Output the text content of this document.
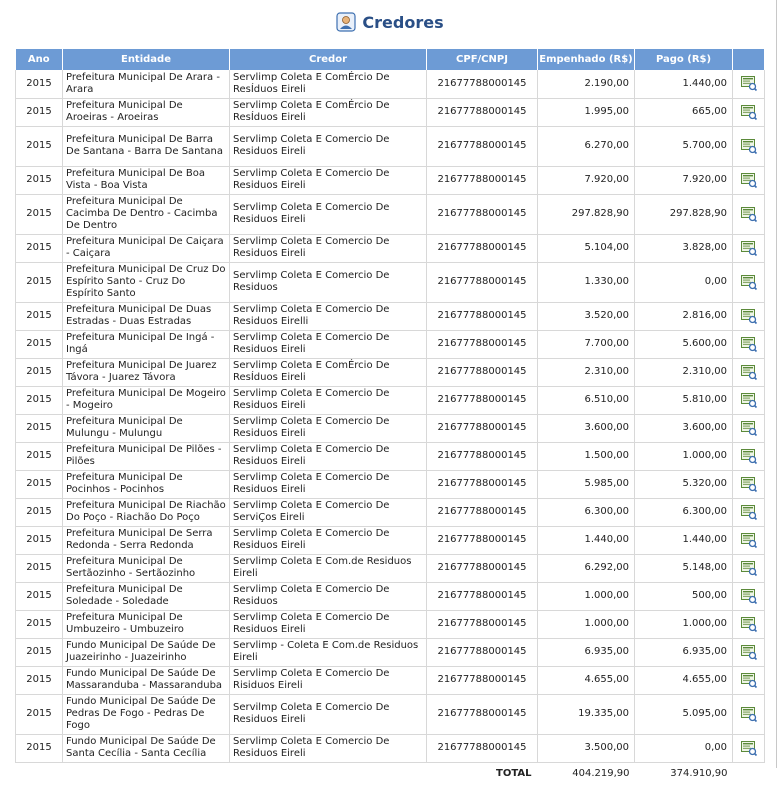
Credores
Ano	Entidade	Credor	CPF/CNPJ	Empenhado (R$)	Pago (R$)	
2015	Prefeitura Municipal De Arara - Arara	Servlimp Coleta E ComÉrcio De ResÍduos Eireli	21677788000145	2.190,00	1.440,00	
2015	Prefeitura Municipal De Aroeiras - Aroeiras	Servlimp Coleta E ComÉrcio De ResÍduos Eireli	21677788000145	1.995,00	665,00	
2015	Prefeitura Municipal De Barra De Santana - Barra De Santana	Servlimp Coleta E Comercio De Residuos Eireli	21677788000145	6.270,00	5.700,00	
2015	Prefeitura Municipal De Boa Vista - Boa Vista	Servlimp Coleta E Comercio De Residuos Eireli	21677788000145	7.920,00	7.920,00	
2015	Prefeitura Municipal De Cacimba De Dentro - Cacimba De Dentro	Servlimp Coleta E Comercio De Residuos Eireli	21677788000145	297.828,90	297.828,90	
2015	Prefeitura Municipal De Caiçara - Caiçara	Servlimp Coleta E Comercio De Residuos Eireli	21677788000145	5.104,00	3.828,00	
2015	Prefeitura Municipal De Cruz Do Espírito Santo - Cruz Do Espírito Santo	Servlimp Coleta E Comercio De Residuos	21677788000145	1.330,00	0,00	
2015	Prefeitura Municipal De Duas Estradas - Duas Estradas	Servlimp Coleta E Comercio De Residuos Eirelli	21677788000145	3.520,00	2.816,00	
2015	Prefeitura Municipal De Ingá - Ingá	Servlimp Coleta E Comercio De Residuos Eireli	21677788000145	7.700,00	5.600,00	
2015	Prefeitura Municipal De Juarez Távora - Juarez Távora	Servlimp Coleta E ComÉrcio De ResÍduos Eireli	21677788000145	2.310,00	2.310,00	
2015	Prefeitura Municipal De Mogeiro - Mogeiro	Servlimp Coleta E Comercio De Residuos Eireli	21677788000145	6.510,00	5.810,00	
2015	Prefeitura Municipal De Mulungu - Mulungu	Servlimp Coleta E Comercio De Residuos Eireli	21677788000145	3.600,00	3.600,00	
2015	Prefeitura Municipal De Pilões - Pilões	Servlimp Coleta E Comercio De Residuos Eireli	21677788000145	1.500,00	1.000,00	
2015	Prefeitura Municipal De Pocinhos - Pocinhos	Servlimp Coleta E Comercio De Residuos Eireli	21677788000145	5.985,00	5.320,00	
2015	Prefeitura Municipal De Riachão Do Poço - Riachão Do Poço	Servlimp Coleta E Comercio De ServiÇos Eireli	21677788000145	6.300,00	6.300,00	
2015	Prefeitura Municipal De Serra Redonda - Serra Redonda	Servlimp Coleta E Comercio De Residuos Eireli	21677788000145	1.440,00	1.440,00	
2015	Prefeitura Municipal De Sertãozinho - Sertãozinho	Servlimp Coleta E Com.de Residuos Eireli	21677788000145	6.292,00	5.148,00	
2015	Prefeitura Municipal De Soledade - Soledade	Servlimp Coleta E Comercio De Residuos	21677788000145	1.000,00	500,00	
2015	Prefeitura Municipal De Umbuzeiro - Umbuzeiro	Servlimp Coleta E Comercio De Residuos Eireli	21677788000145	1.000,00	1.000,00	
2015	Fundo Municipal De Saúde De Juazeirinho - Juazeirinho	Servlimp - Coleta E Com.de Residuos Eireli	21677788000145	6.935,00	6.935,00	
2015	Fundo Municipal De Saúde De Massaranduba - Massaranduba	Servlimp Coleta E Comercio De Risiduos Eireli	21677788000145	4.655,00	4.655,00	
2015	Fundo Municipal De Saúde De Pedras De Fogo - Pedras De Fogo	Servilmp Coleta E Comercio De Residuos Eireli	21677788000145	19.335,00	5.095,00	
2015	Fundo Municipal De Saúde De Santa Cecília - Santa Cecília	Servlimp Coleta E Comercio De Residuos Eireli	21677788000145	3.500,00	0,00	
			TOTAL	404.219,90	374.910,90	
